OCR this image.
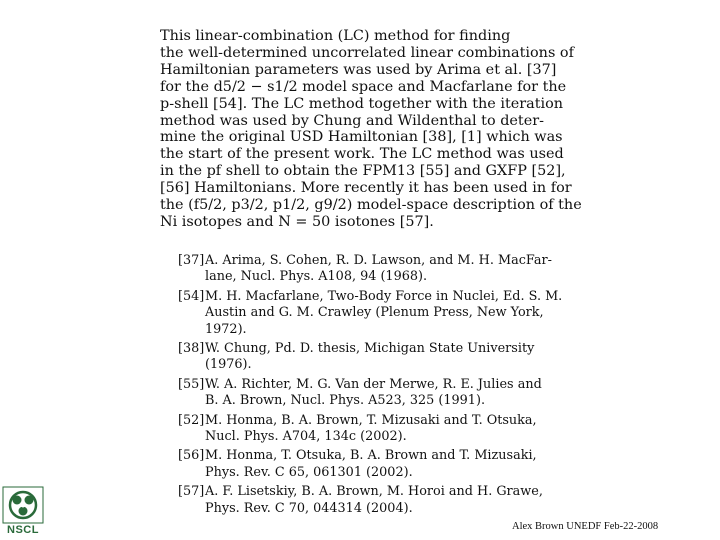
This linear-combination (LC) method for finding
the well-determined uncorrelated linear combinations of
Hamiltonian parameters was used by Arima et al. [37]
for the d5/2 − s1/2 model space and Macfarlane for the
p-shell [54]. The LC method together with the iteration
method was used by Chung and Wildenthal to deter-
mine the original USD Hamiltonian [38], [1] which was
the start of the present work. The LC method was used
in the pf shell to obtain the FPM13 [55] and GXFP [52],
[56] Hamiltonians. More recently it has been used in for
the (f5/2, p3/2, p1/2, g9/2) model-space description of the
Ni isotopes and N = 50 isotones [57].
[37] A. Arima, S. Cohen, R. D. Lawson, and M. H. MacFar-
lane, Nucl. Phys. A108, 94 (1968).
[54] M. H. Macfarlane, Two-Body Force in Nuclei, Ed. S. M.
Austin and G. M. Crawley (Plenum Press, New York,
1972).
[38] W. Chung, Pd. D. thesis, Michigan State University
(1976).
[55] W. A. Richter, M. G. Van der Merwe, R. E. Julies and
B. A. Brown, Nucl. Phys. A523, 325 (1991).
[52] M. Honma, B. A. Brown, T. Mizusaki and T. Otsuka,
Nucl. Phys. A704, 134c (2002).
[56] M. Honma, T. Otsuka, B. A. Brown and T. Mizusaki,
Phys. Rev. C 65, 061301 (2002).
[57] A. F. Lisetskiy, B. A. Brown, M. Horoi and H. Grawe,
Phys. Rev. C 70, 044314 (2004).
NSCL	Alex Brown UNEDF Feb-22-2008
